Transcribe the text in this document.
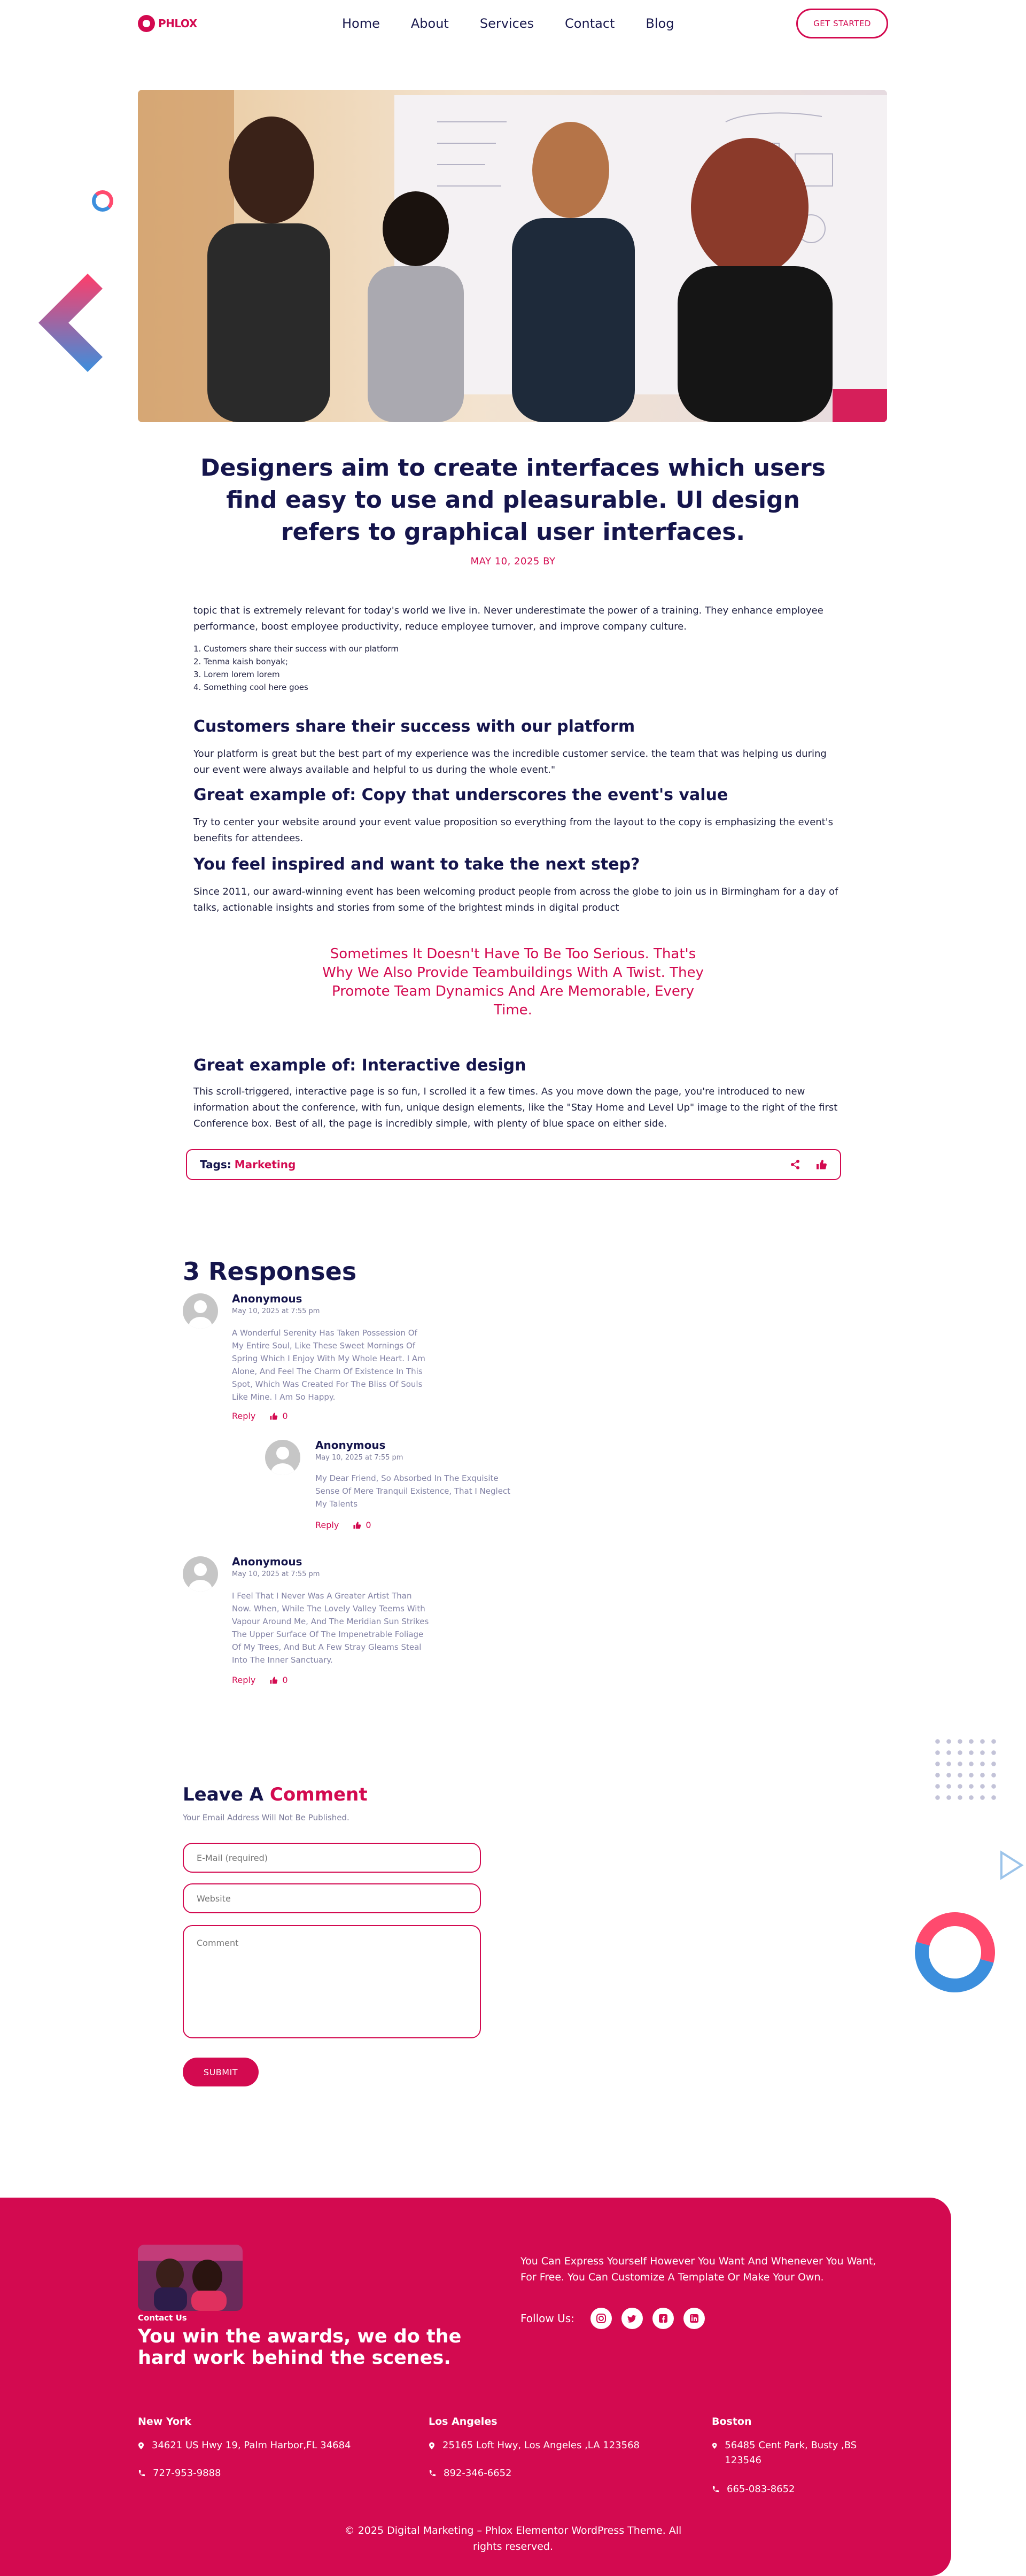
PHLOX	Home About Services Contact Blog	GET STARTED
Designers aim to create interfaces which users find easy to use and pleasurable. UI design refers to graphical user interfaces.
MAY 10, 2025 BY

topic that is extremely relevant for today's world we live in. Never underestimate the power of a training. They enhance employee performance, boost employee productivity, reduce employee turnover, and improve company culture.

1. Customers share their success with our platform
2. Tenma kaish bonyak;
3. Lorem lorem lorem
4. Something cool here goes
Customers share their success with our platform

Your platform is great but the best part of my experience was the incredible customer service. the team that was helping us during our event were always available and helpful to us during the whole event."

Great example of: Copy that underscores the event's value

Try to center your website around your event value proposition so everything from the layout to the copy is emphasizing the event's benefits for attendees.

You feel inspired and want to take the next step?

Since 2011, our award-winning event has been welcoming product people from across the globe to join us in Birmingham for a day of talks, actionable insights and stories from some of the brightest minds in digital product

Sometimes It Doesn't Have To Be Too Serious. That's Why We Also Provide Teambuildings With A Twist. They Promote Team Dynamics And Are Memorable, Every Time.
Great example of: Interactive design

This scroll-triggered, interactive page is so fun, I scrolled it a few times. As you move down the page, you're introduced to new information about the conference, with fun, unique design elements, like the "Stay Home and Level Up" image to the right of the first Conference box. Best of all, the page is incredibly simple, with plenty of blue space on either side.

Tags: Marketing
3 Responses
Anonymous
May 10, 2025 at 7:55 pm
A Wonderful Serenity Has Taken Possession Of My Entire Soul, Like These Sweet Mornings Of Spring Which I Enjoy With My Whole Heart. I Am Alone, And Feel The Charm Of Existence In This Spot, Which Was Created For The Bliss Of Souls Like Mine. I Am So Happy.
Reply	0
Anonymous
May 10, 2025 at 7:55 pm
My Dear Friend, So Absorbed In The Exquisite Sense Of Mere Tranquil Existence, That I Neglect My Talents
Reply	0
Anonymous
May 10, 2025 at 7:55 pm
I Feel That I Never Was A Greater Artist Than Now. When, While The Lovely Valley Teems With Vapour Around Me, And The Meridian Sun Strikes The Upper Surface Of The Impenetrable Foliage Of My Trees, And But A Few Stray Gleams Steal Into The Inner Sanctuary.
Reply	0
Leave A Comment
Your Email Address Will Not Be Published.
E-Mail (required)
Website
Comment
SUBMIT
Contact Us
You win the awards, we do the hard work behind the scenes.

You Can Express Yourself However You Want And Whenever You Want, For Free. You Can Customize A Template Or Make Your Own.

Follow Us:
New York
34621 US Hwy 19, Palm Harbor,FL 34684
727-953-9888
Los Angeles
25165 Loft Hwy, Los Angeles ,LA 123568
892-346-6652
Boston
56485 Cent Park, Busty ,BS 123546
665-083-8652
© 2025 Digital Marketing – Phlox Elementor WordPress Theme. All rights reserved.
